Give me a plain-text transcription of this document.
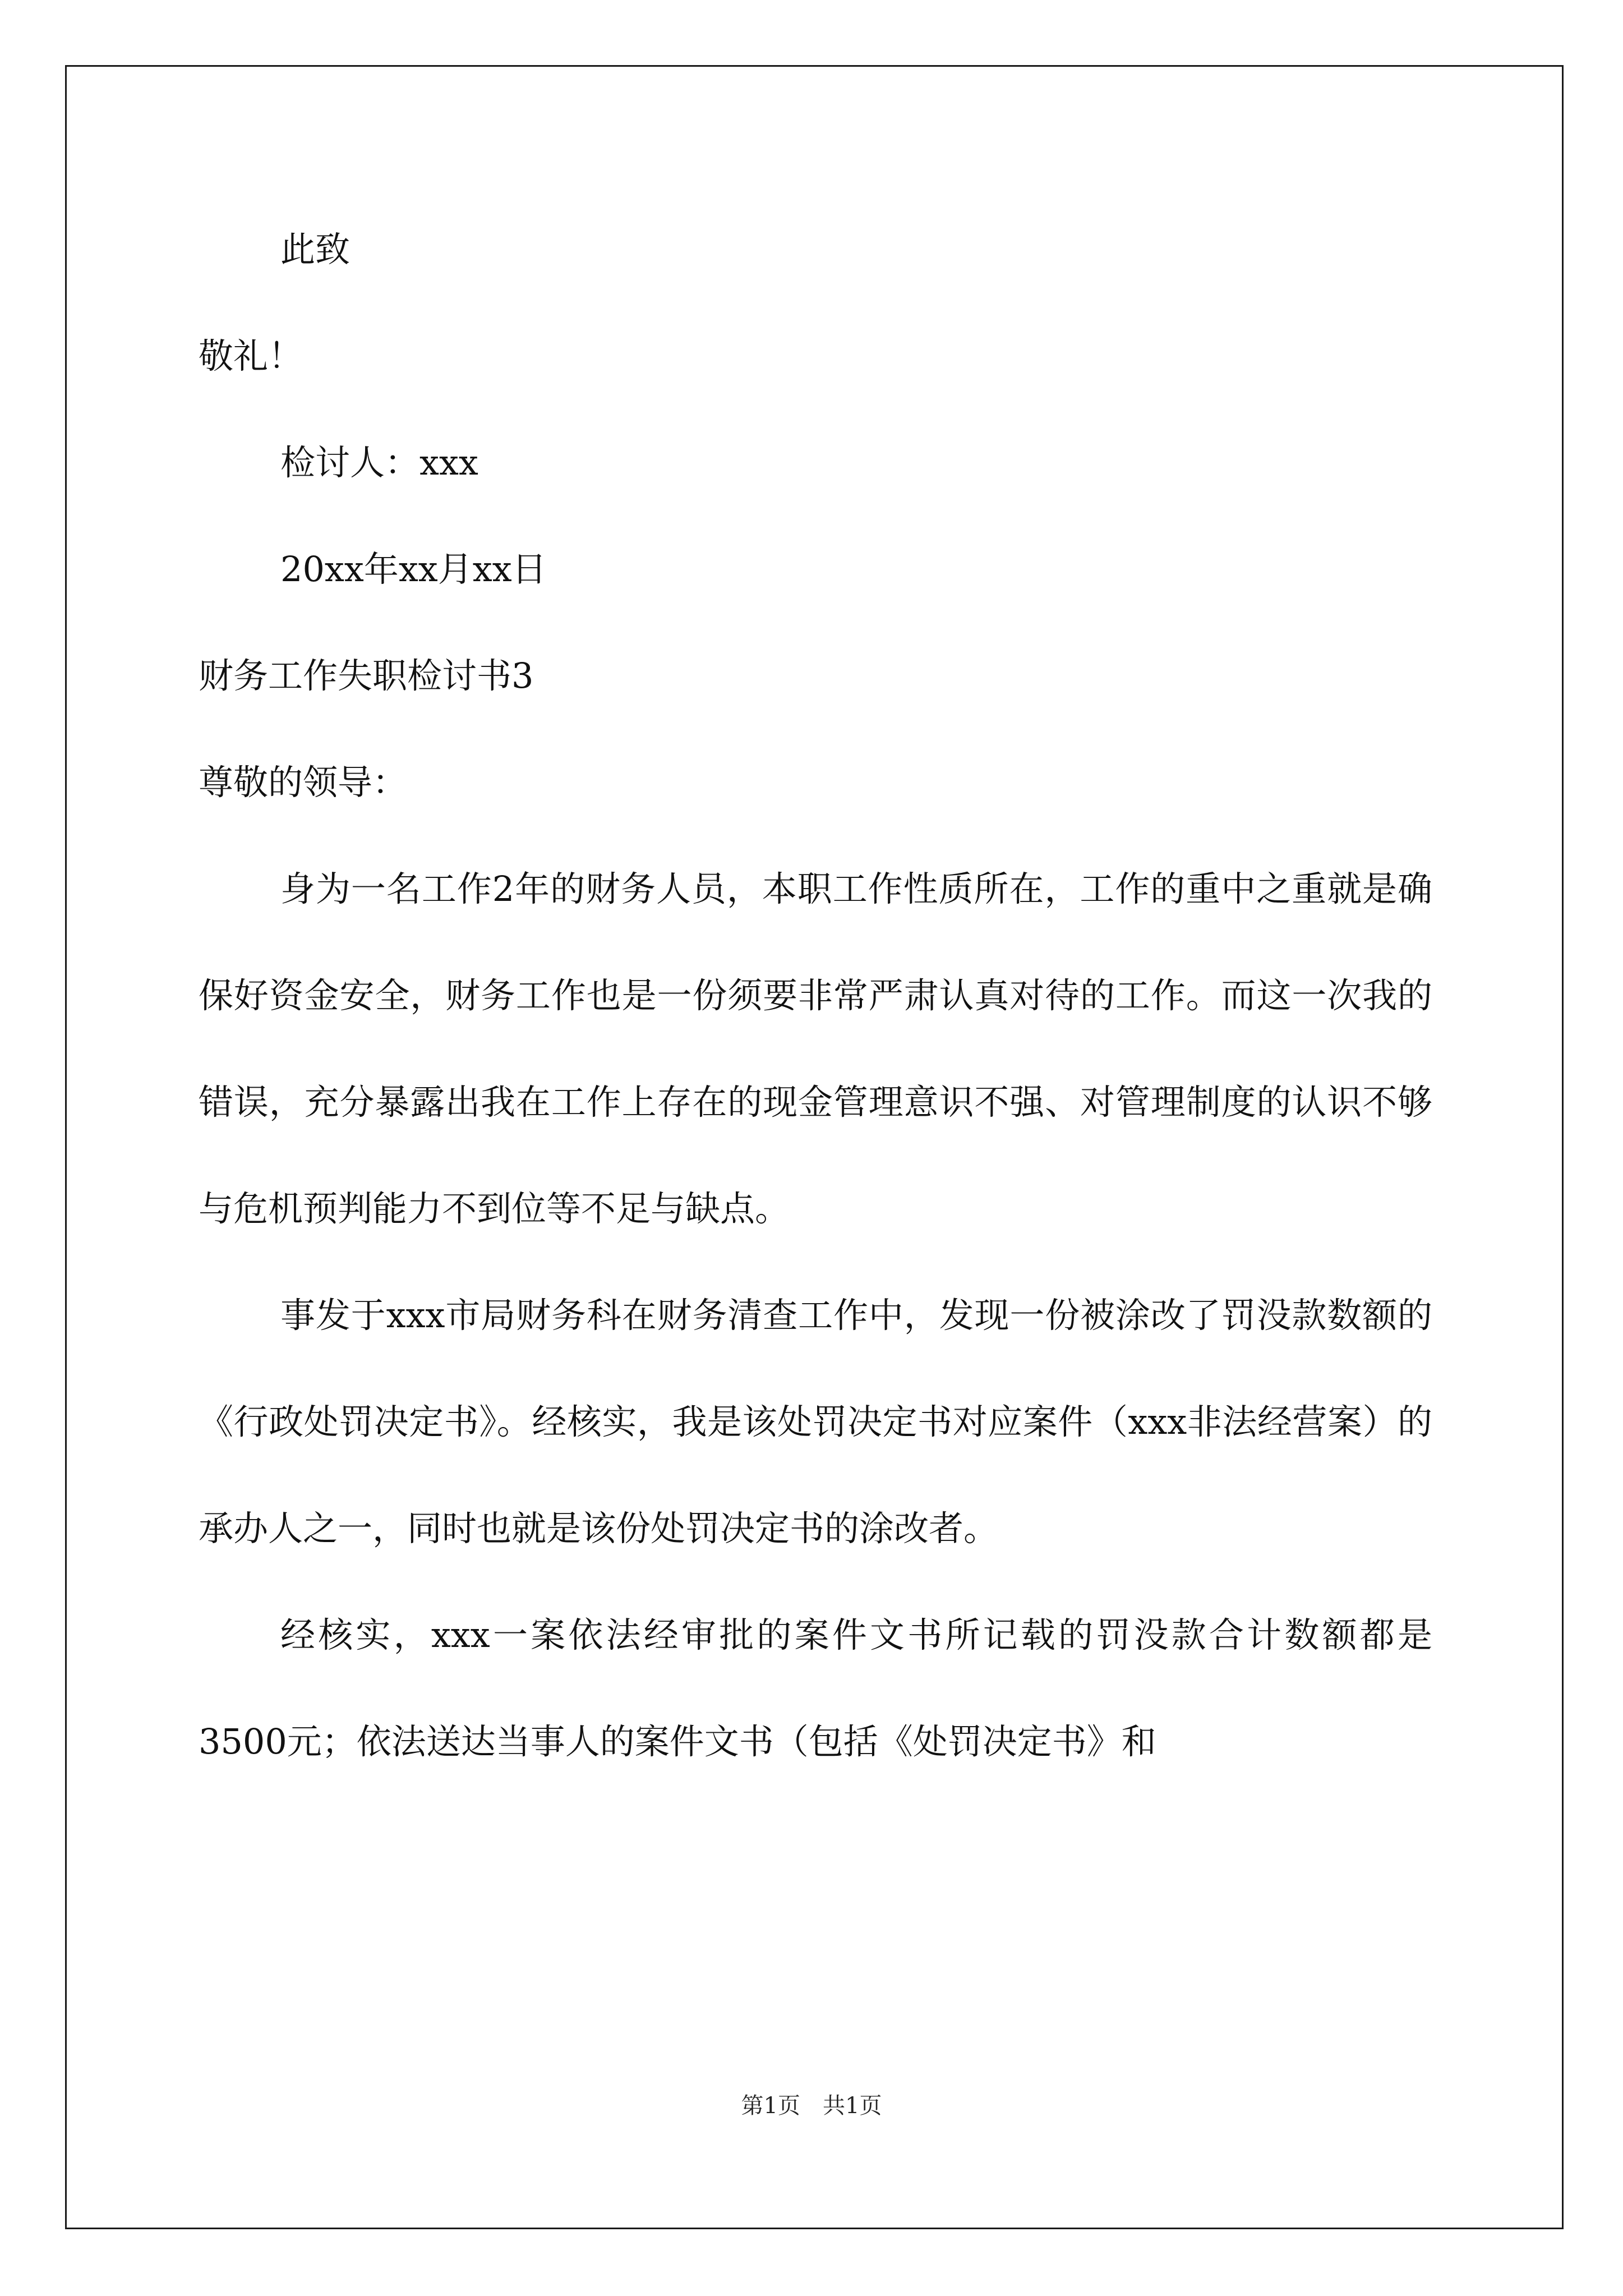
此致
敬礼！
检讨人：xxx
20xx年xx月xx日
财务工作失职检讨书3
尊敬的领导：

身为一名工作2年的财务人员，本职工作性质所在，工作的重中之重就是确保好资金安全，财务工作也是一份须要非常严肃认真对待的工作。而这一次我的错误，充分暴露出我在工作上存在的现金管理意识不强、对管理制度的认识不够与危机预判能力不到位等不足与缺点。

事发于xxx市局财务科在财务清查工作中，发现一份被涂改了罚没款数额的《行政处罚决定书》。经核实，我是该处罚决定书对应案件（xxx非法经营案）的承办人之一，同时也就是该份处罚决定书的涂改者。

经核实，xxx一案依法经审批的案件文书所记载的罚没款合计数额都是3500元；依法送达当事人的案件文书（包括《处罚决定书》和

第1页　共1页
